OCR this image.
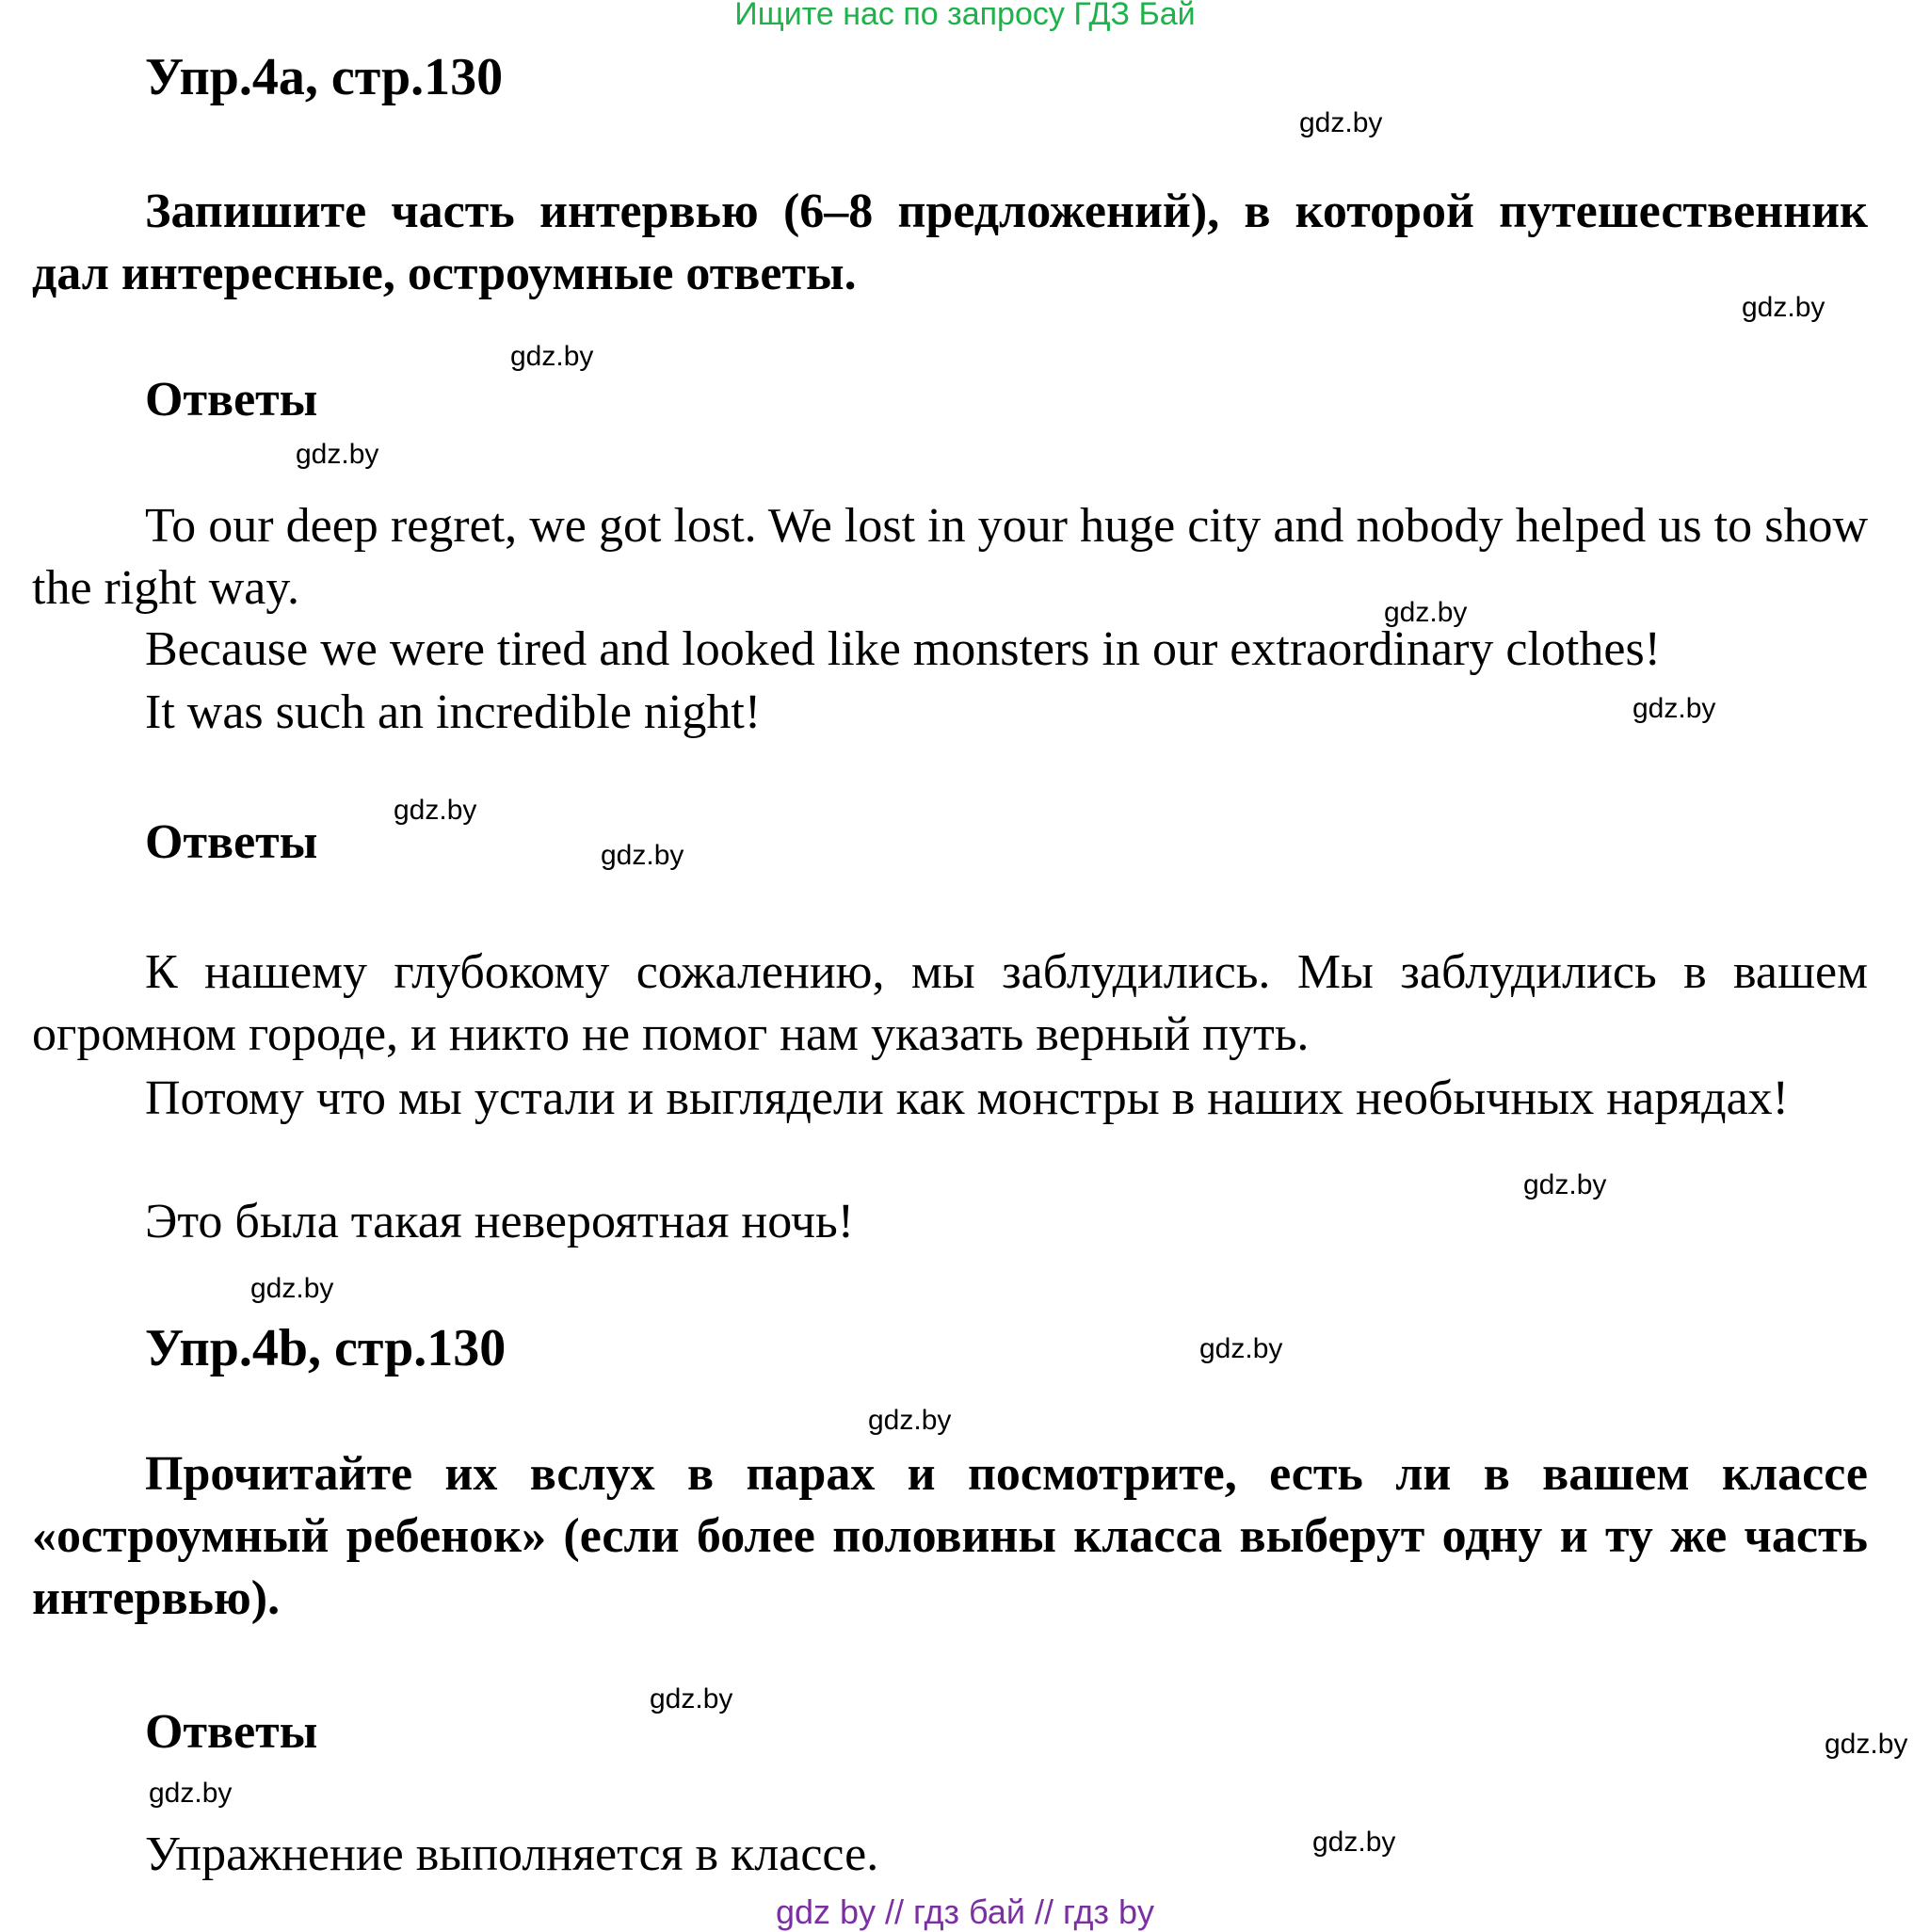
Ищите нас по запросу ГДЗ Бай

Упр.4а, стр.130

Запишите часть интервью (6–8 предложений), в которой путешественник дал интересные, остроумные ответы.

Ответы

To our deep regret, we got lost. We lost in your huge city and nobody helped us to show the right way.

Because we were tired and looked like monsters in our extraordinary clothes!

It was such an incredible night!

Ответы

К нашему глубокому сожалению, мы заблудились. Мы заблудились в вашем огромном городе, и никто не помог нам указать верный путь.

Потому что мы устали и выглядели как монстры в наших необычных нарядах!

Это была такая невероятная ночь!

Упр.4b, стр.130

Прочитайте их вслух в парах и посмотрите, есть ли в вашем классе «остроумный ребенок» (если более половины класса выберут одну и ту же часть интервью).

Ответы

Упражнение выполняется в классе.

gdz.by
gdz.by
gdz.by
gdz.by
gdz.by
gdz.by
gdz.by
gdz.by
gdz.by
gdz.by
gdz.by
gdz.by
gdz.by
gdz.by
gdz.by
gdz.by

gdz by // гдз бай // гдз by
